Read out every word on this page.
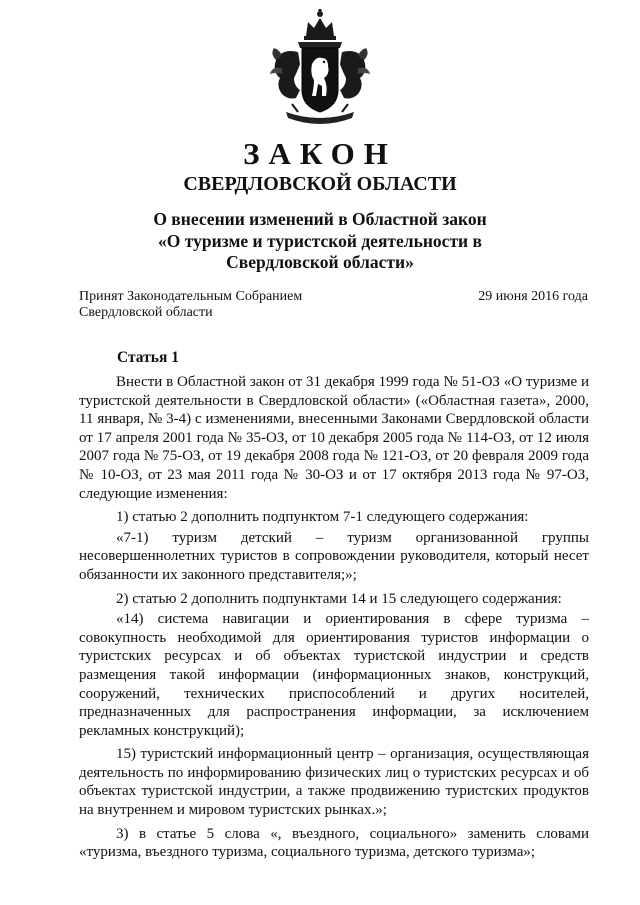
ЗАКОН
СВЕРДЛОВСКОЙ ОБЛАСТИ
О внесении изменений в Областной закон
«О туризме и туристской деятельности в
Свердловской области»
Принят Законодательным Собранием
Свердловской области
29 июня 2016 года
Статья 1

Внести в Областной закон от 31 декабря 1999 года № 51-ОЗ «О туризме и туристской деятельности в Свердловской области» («Областная газета», 2000, 11 января, № 3-4) с изменениями, внесенными Законами Свердловской области от 17 апреля 2001 года № 35-ОЗ, от 10 декабря 2005 года № 114-ОЗ, от 12 июля 2007 года № 75-ОЗ, от 19 декабря 2008 года № 121-ОЗ, от 20 февраля 2009 года № 10-ОЗ, от 23 мая 2011 года № 30-ОЗ и от 17 октября 2013 года № 97-ОЗ, следующие изменения:

1) статью 2 дополнить подпунктом 7-1 следующего содержания:

«7-1) туризм детский – туризм организованной группы несовершеннолетних туристов в сопровождении руководителя, который несет обязанности их законного представителя;»;

2) статью 2 дополнить подпунктами 14 и 15 следующего содержания:

«14) система навигации и ориентирования в сфере туризма – совокупность необходимой для ориентирования туристов информации о туристских ресурсах и об объектах туристской индустрии и средств размещения такой информации (информационных знаков, конструкций, сооружений, технических приспособлений и других носителей, предназначенных для распространения информации, за исключением рекламных конструкций);

15) туристский информационный центр – организация, осуществляющая деятельность по информированию физических лиц о туристских ресурсах и об объектах туристской индустрии, а также продвижению туристских продуктов на внутреннем и мировом туристских рынках.»;

3) в статье 5 слова «, въездного, социального» заменить словами «туризма, въездного туризма, социального туризма, детского туризма»;
